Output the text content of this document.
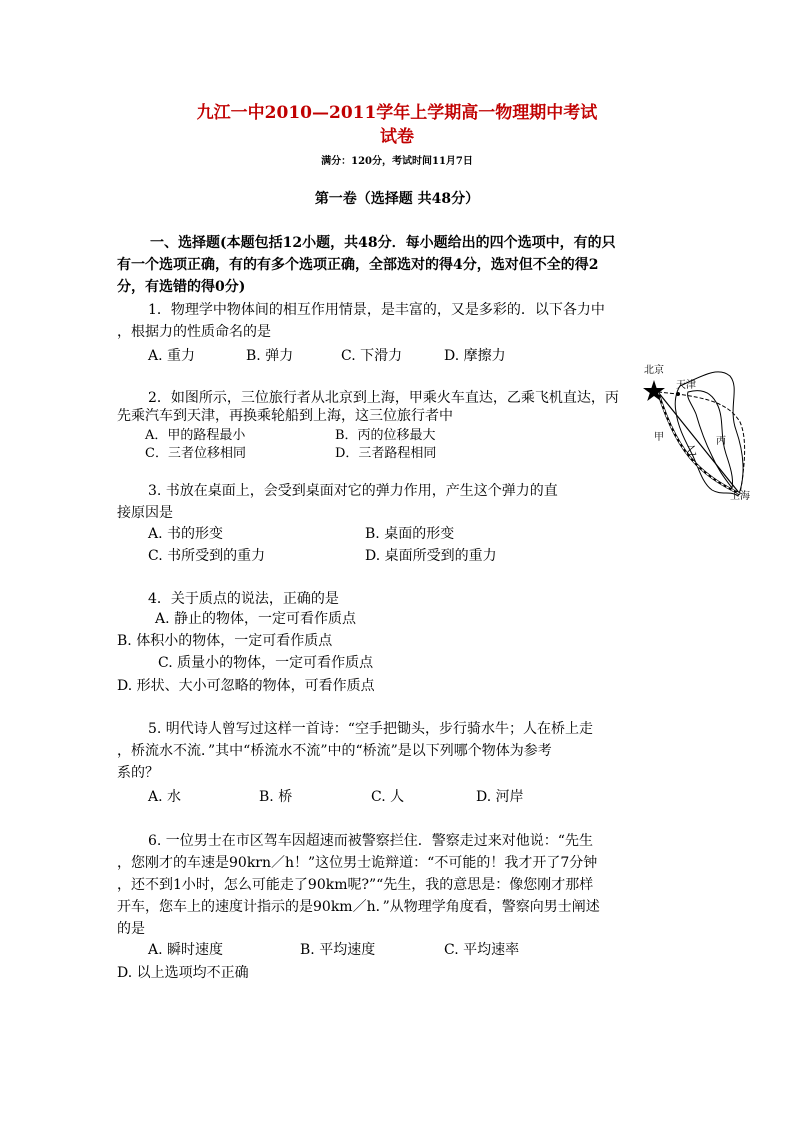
九江一中2010—2011学年上学期高一物理期中考试
试卷
满分：120分，考试时间11月7日
第一卷（选择题 共48分）
一、选择题(本题包括12小题，共48分．每小题给出的四个选项中，有的只
有一个选项正确，有的有多个选项正确，全部选对的得4分，选对但不全的得2
分，有选错的得0分)
1．物理学中物体间的相互作用情景，是丰富的，又是多彩的．以下各力中
，根据力的性质命名的是
A. 重力	B. 弹力	C. 下滑力	D. 摩擦力
2．如图所示，三位旅行者从北京到上海，甲乘火车直达，乙乘飞机直达，丙
先乘汽车到天津，再换乘轮船到上海，这三位旅行者中
A．甲的路程最小	B．丙的位移最大
C．三者位移相同	D．三者路程相同
北京
天津
上海
甲
乙
丙
3. 书放在桌面上，会受到桌面对它的弹力作用，产生这个弹力的直
接原因是
A. 书的形变	B. 桌面的形变
C. 书所受到的重力	D. 桌面所受到的重力
4．关于质点的说法，正确的是
A. 静止的物体，一定可看作质点
B. 体积小的物体，一定可看作质点
C. 质量小的物体，一定可看作质点
D. 形状、大小可忽略的物体，可看作质点
5. 明代诗人曾写过这样一首诗：“空手把锄头，步行骑水牛；人在桥上走
，桥流水不流．”其中“桥流水不流”中的“桥流”是以下列哪个物体为参考
系的？
A. 水	B. 桥	C. 人	D. 河岸
6. 一位男士在市区驾车因超速而被警察拦住．警察走过来对他说：“先生
，您刚才的车速是90krn／h！”这位男士诡辩道：“不可能的！我才开了7分钟
，还不到1小时，怎么可能走了90km呢?”“先生，我的意思是：像您刚才那样
开车，您车上的速度计指示的是90km／h．”从物理学角度看，警察向男士阐述
的是
A. 瞬时速度	B. 平均速度	C. 平均速率
D. 以上选项均不正确
